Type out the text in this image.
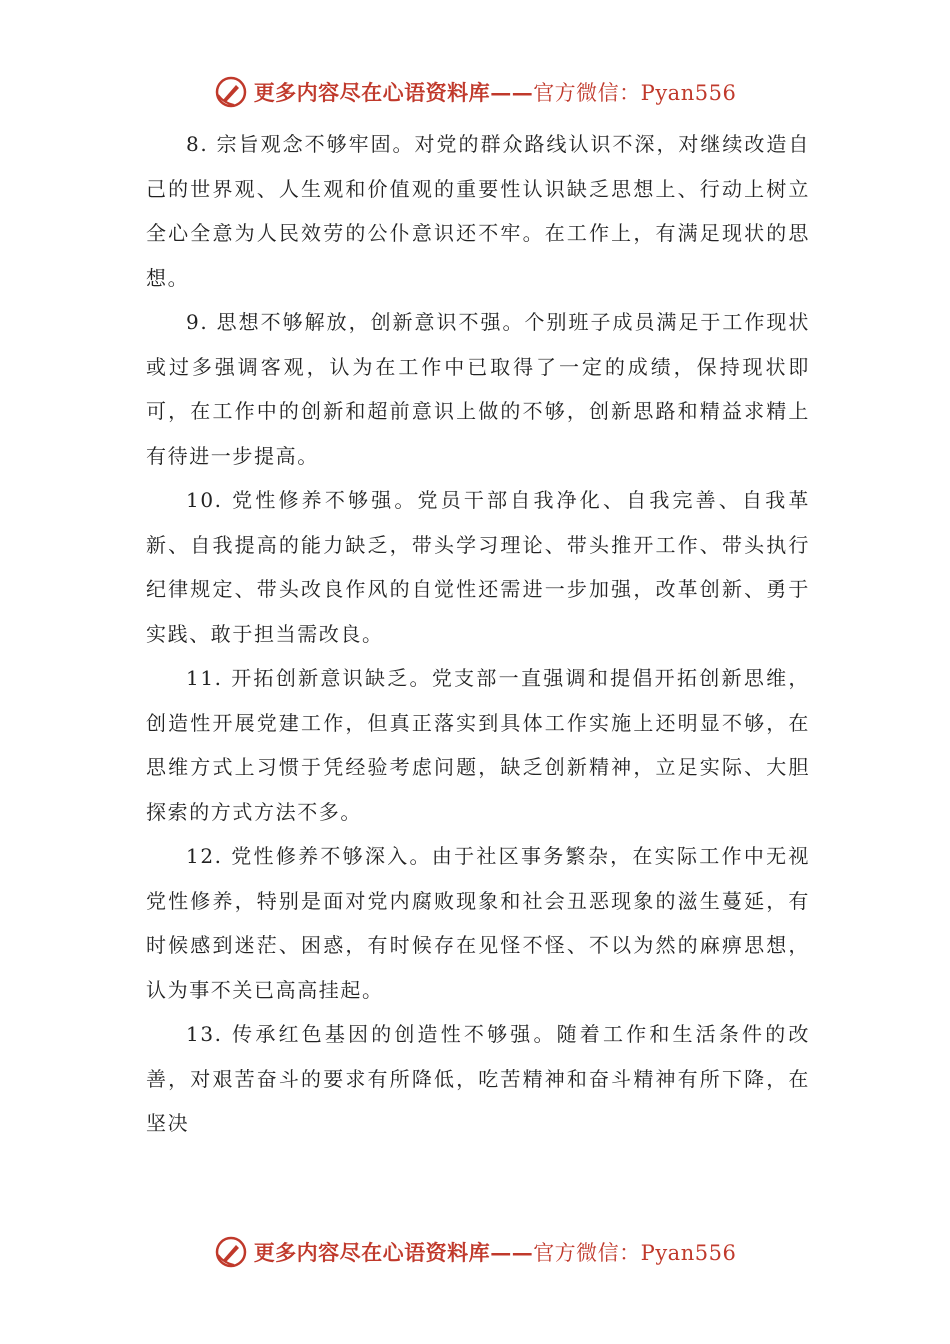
更多内容尽在心语资料库——官方微信：Pyan556

8. 宗旨观念不够牢固。对党的群众路线认识不深，对继续改造自己的世界观、人生观和价值观的重要性认识缺乏思想上、行动上树立全心全意为人民效劳的公仆意识还不牢。在工作上，有满足现状的思想。

9. 思想不够解放，创新意识不强。个别班子成员满足于工作现状或过多强调客观，认为在工作中已取得了一定的成绩，保持现状即可，在工作中的创新和超前意识上做的不够，创新思路和精益求精上有待进一步提高。

10. 党性修养不够强。党员干部自我净化、自我完善、自我革新、自我提高的能力缺乏，带头学习理论、带头推开工作、带头执行纪律规定、带头改良作风的自觉性还需进一步加强，改革创新、勇于实践、敢于担当需改良。

11. 开拓创新意识缺乏。党支部一直强调和提倡开拓创新思维，创造性开展党建工作，但真正落实到具体工作实施上还明显不够，在思维方式上习惯于凭经验考虑问题，缺乏创新精神，立足实际、大胆探索的方式方法不多。

12. 党性修养不够深入。由于社区事务繁杂，在实际工作中无视党性修养，特别是面对党内腐败现象和社会丑恶现象的滋生蔓延，有时候感到迷茫、困惑，有时候存在见怪不怪、不以为然的麻痹思想， 认为事不关已高高挂起。

13. 传承红色基因的创造性不够强。随着工作和生活条件的改善，对艰苦奋斗的要求有所降低，吃苦精神和奋斗精神有所下降，在坚决

更多内容尽在心语资料库——官方微信：Pyan556
